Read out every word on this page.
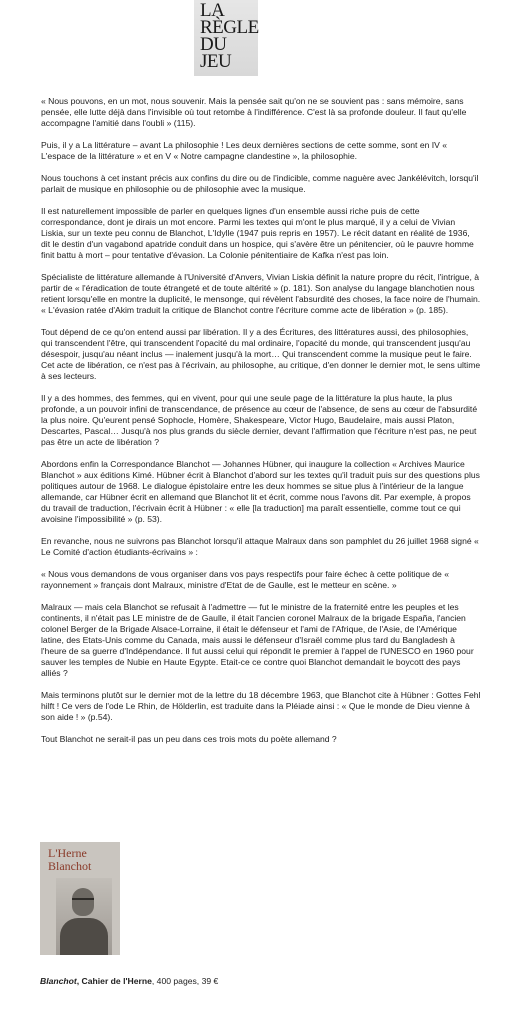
LA
RÈGLE
DU
JEU

« Nous pouvons, en un mot, nous souvenir. Mais la pensée sait qu'on ne se souvient pas : sans mémoire, sans pensée, elle lutte déjà dans l'invisible où tout retombe à l'indifférence. C'est là sa profonde douleur. Il faut qu'elle accompagne l'amitié dans l'oubli » (115).

Puis, il y a La littérature – avant La philosophie ! Les deux dernières sections de cette somme, sont en IV « L'espace de la littérature » et en V « Notre campagne clandestine », la philosophie.

Nous touchons à cet instant précis aux confins du dire ou de l'indicible, comme naguère avec Jankélévitch, lorsqu'il parlait de musique en philosophie ou de philosophie avec la musique.

Il est naturellement impossible de parler en quelques lignes d'un ensemble aussi riche puis de cette correspondance, dont je dirais un mot encore. Parmi les textes qui m'ont le plus marqué, il y a celui de Vivian Liskia, sur un texte peu connu de Blanchot, L'Idylle (1947 puis repris en 1957). Le récit datant en réalité de 1936, dit le destin d'un vagabond apatride conduit dans un hospice, qui s'avère être un pénitencier, où le pauvre homme finit battu à mort – pour tentative d'évasion. La Colonie pénitentiaire de Kafka n'est pas loin.

Spécialiste de littérature allemande à l'Université d'Anvers, Vivian Liskia définit la nature propre du récit, l'intrigue, à partir de « l'éradication de toute étrangeté et de toute altérité » (p. 181). Son analyse du langage blanchotien nous retient lorsqu'elle en montre la duplicité, le mensonge, qui révèlent l'absurdité des choses, la face noire de l'humain. « L'évasion ratée d'Akim traduit la critique de Blanchot contre l'écriture comme acte de libération » (p. 185).

Tout dépend de ce qu'on entend aussi par libération. Il y a des Écritures, des littératures aussi, des philosophies, qui transcendent l'être, qui transcendent l'opacité du mal ordinaire, l'opacité du monde, qui transcendent jusqu'au désespoir, jusqu'au néant inclus — inalement jusqu'à la mort… Qui transcendent comme la musique peut le faire. Cet acte de libération, ce n'est pas à l'écrivain, au philosophe, au critique, d'en donner le dernier mot, le sens ultime à ses lecteurs.

Il y a des hommes, des femmes, qui en vivent, pour qui une seule page de la littérature la plus haute, la plus profonde, a un pouvoir infini de transcendance, de présence au cœur de l'absence, de sens au cœur de l'absurdité la plus noire. Qu'eurent pensé Sophocle, Homère, Shakespeare, Victor Hugo, Baudelaire, mais aussi Platon, Descartes, Pascal… Jusqu'à nos plus grands du siècle dernier, devant l'affirmation que l'écriture n'est pas, ne peut pas être un acte de libération ?

Abordons enfin la Correspondance Blanchot — Johannes Hübner, qui inaugure la collection « Archives Maurice Blanchot » aux éditions Kimé. Hübner écrit à Blanchot d'abord sur les textes qu'il traduit puis sur des questions plus politiques autour de 1968. Le dialogue épistolaire entre les deux hommes se situe plus à l'intérieur de la langue allemande, car Hübner écrit en allemand que Blanchot lit et écrit, comme nous l'avons dit. Par exemple, à propos du travail de traduction, l'écrivain écrit à Hübner : « elle [la traduction] ma paraît essentielle, comme tout ce qui avoisine l'impossibilité » (p. 53).

En revanche, nous ne suivrons pas Blanchot lorsqu'il attaque Malraux dans son pamphlet du 26 juillet 1968 signé « Le Comité d'action étudiants-écrivains » :

« Nous vous demandons de vous organiser dans vos pays respectifs pour faire échec à cette politique de « rayonnement » français dont Malraux, ministre d'Etat de de Gaulle, est le metteur en scène. »

Malraux — mais cela Blanchot se refusait à l'admettre — fut le ministre de la fraternité entre les peuples et les continents, il n'était pas LE ministre de de Gaulle, il était l'ancien coronel Malraux de la brigade España, l'ancien colonel Berger de la Brigade Alsace-Lorraine, il était le défenseur et l'ami de l'Afrique, de l'Asie, de l'Amérique latine, des Etats-Unis comme du Canada, mais aussi le défenseur d'Israël comme plus tard du Bangladesh à l'heure de sa guerre d'Indépendance. Il fut aussi celui qui répondit le premier à l'appel de l'UNESCO en 1960 pour sauver les temples de Nubie en Haute Egypte. Etait-ce ce contre quoi Blanchot demandait le boycott des pays alliés ?

Mais terminons plutôt sur le dernier mot de la lettre du 18 décembre 1963, que Blanchot cite à Hübner : Gottes Fehl hilft ! Ce vers de l'ode Le Rhin, de Hölderlin, est traduite dans la Pléiade ainsi : « Que le monde de Dieu vienne à son aide ! » (p.54).

Tout Blanchot ne serait-il pas un peu dans ces trois mots du poète allemand ?

L'Herne
Blanchot
Blanchot, Cahier de l'Herne, 400 pages, 39 €
